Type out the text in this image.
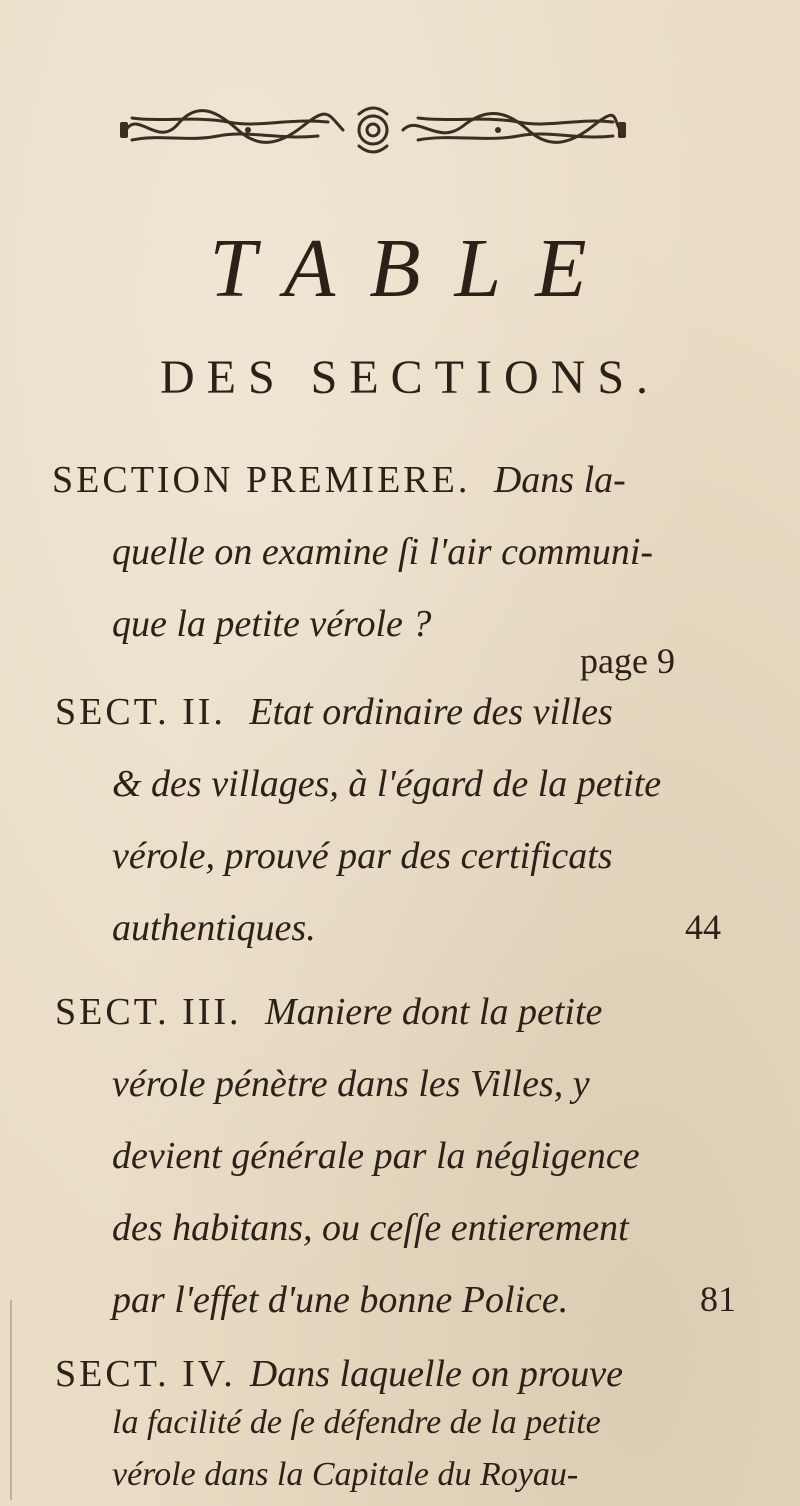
TABLE
DES SECTIONS.
SECTION PREMIERE. Dans la-
quelle on examine ſi l'air communi-
que la petite vérole ?
page 9
SECT. II. Etat ordinaire des villes
& des villages, à l'égard de la petite
vérole, prouvé par des certificats
authentiques.	44
SECT. III. Maniere dont la petite
vérole pénètre dans les Villes, y
devient générale par la négligence
des habitans, ou ceſſe entierement
par l'effet d'une bonne Police.	81
SECT. IV. Dans laquelle on prouve
la facilité de ſe défendre de la petite
vérole dans la Capitale du Royau-
